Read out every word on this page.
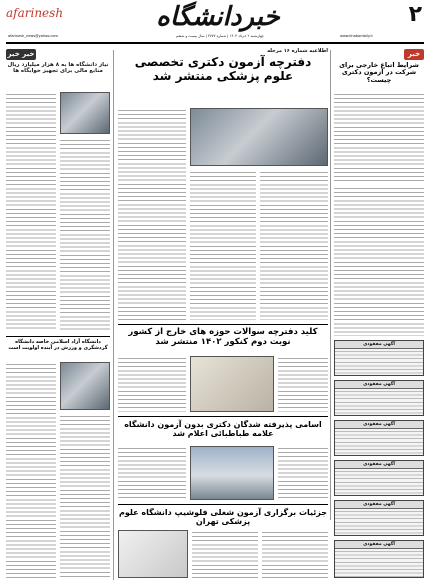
۲
خبردانشگاه
afarinesh
www.khabardaily.ir
afarinesh_news@yahoo.com	چهارشنبه ۲ خرداد ۱۴۰۳ | شماره ۳۷۷۷ | سال بیست و ششم
خبر
شرایط اتباع خارجی برای شرکت در آزمون دکتری چیست؟
خبر خبر
نیاز دانشگاه ها به ۸ هزار میلیارد ریال منابع مالی برای تجهیز خوابگاه ها
دانشگاه آزاد اسلامی خاصه دانشگاه گردشگری و ورزش در آینده اولویت است
اطلاعیه شماره ۱۶ مرحله
دفترچه آزمون دکتری تخصصی علوم پزشکی منتشر شد
کلید دفترچه سوالات حوزه های خارج از کشور نوبت دوم کنکور ۱۴۰۲ منتشر شد
اسامی پذیرفته شدگان دکتری بدون آزمون دانشگاه علامه طباطبائی اعلام شد
جزئیات برگزاری آزمون شغلی فلوشیپ دانشگاه علوم پزشکی تهران
آگهی مفقودی
آگهی مفقودی
آگهی مفقودی
آگهی مفقودی
آگهی مفقودی
آگهی مفقودی
